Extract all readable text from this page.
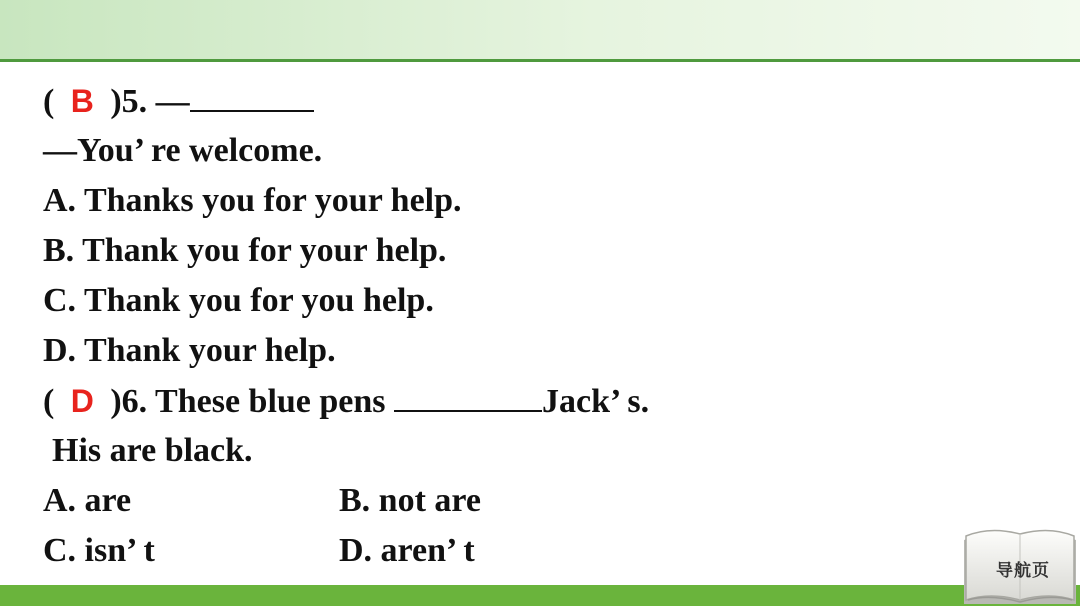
( B )5. —
—You’ re welcome.
A. Thanks you for your help.
B. Thank you for your help.
C. Thank you for you help.
D. Thank your help.
( D )6. These blue pens	Jack’ s.
His are black.
A. are	B. not are
C. isn’ t	D. aren’ t
导航页
